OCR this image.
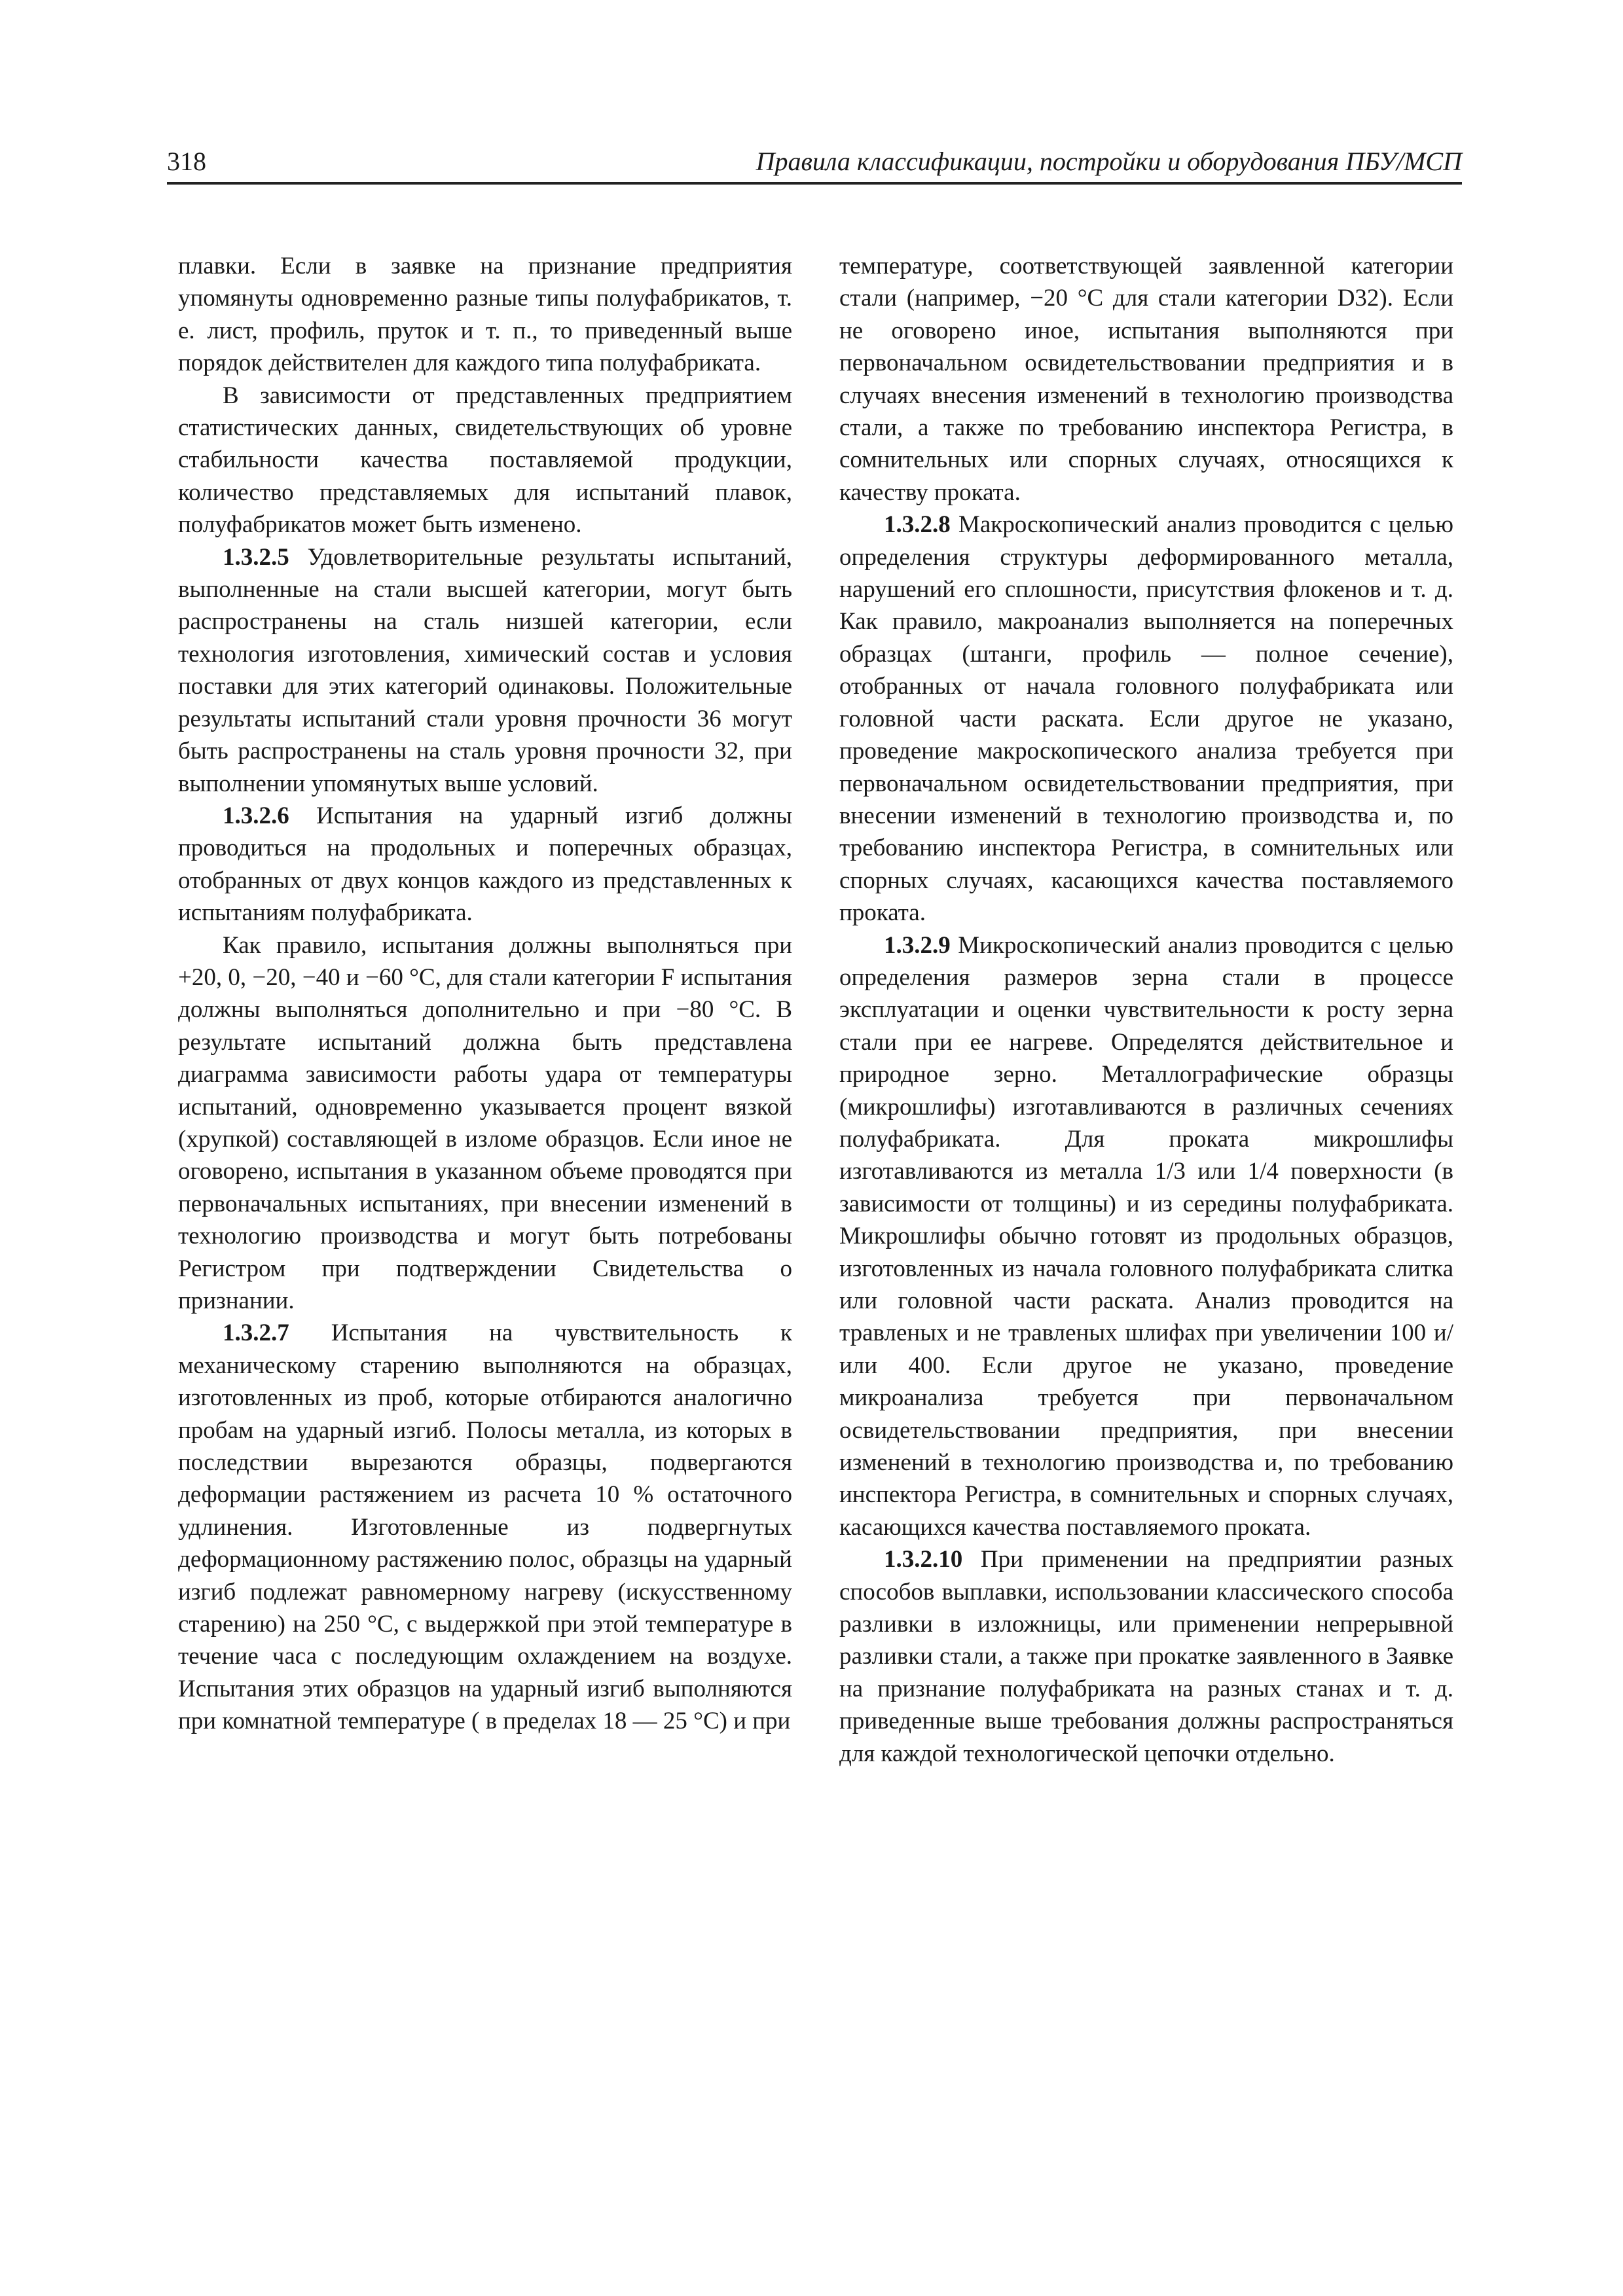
318	Правила классификации, постройки и оборудования ПБУ/МСП

плавки. Если в заявке на признание предприятия упомянуты одновременно разные типы полуфабрикатов, т. е. лист, профиль, пруток и т. п., то приведенный выше порядок действителен для каждого типа полуфабриката.

В зависимости от представленных предприятием статистических данных, свидетельствующих об уровне стабильности качества поставляемой продукции, количество представляемых для испытаний плавок, полуфабрикатов может быть изменено.

1.3.2.5 Удовлетворительные результаты испытаний, выполненные на стали высшей категории, могут быть распространены на сталь низшей категории, если технология изготовления, химический состав и условия поставки для этих категорий одинаковы. Положительные результаты испытаний стали уровня прочности 36 могут быть распространены на сталь уровня прочности 32, при выполнении упомянутых выше условий.

1.3.2.6 Испытания на ударный изгиб должны проводиться на продольных и поперечных образцах, отобранных от двух концов каждого из представленных к испытаниям полуфабриката.

Как правило, испытания должны выполняться при +20, 0, −20, −40 и −60 °C, для стали категории F испытания должны выполняться дополнительно и при −80 °C. В результате испытаний должна быть представлена диаграмма зависимости работы удара от температуры испытаний, одновременно указывается процент вязкой (хрупкой) составляющей в изломе образцов. Если иное не оговорено, испытания в указанном объеме проводятся при первоначальных испытаниях, при внесении изменений в технологию производства и могут быть потребованы Регистром при подтверждении Свидетельства о признании.

1.3.2.7 Испытания на чувствительность к механическому старению выполняются на образцах, изготовленных из проб, которые отбираются аналогично пробам на ударный изгиб. Полосы металла, из которых в последствии вырезаются образцы, подвергаются деформации растяжением из расчета 10 % остаточного удлинения. Изготовленные из подвергнутых деформационному растяжению полос, образцы на ударный изгиб подлежат равномерному нагреву (искусственному старению) на 250 °C, с выдержкой при этой температуре в течение часа с последующим охлаждением на воздухе. Испытания этих образцов на ударный изгиб выполняются при комнатной температуре ( в пределах 18 — 25 °C) и при

температуре, соответствующей заявленной категории стали (например, −20 °C для стали категории D32). Если не оговорено иное, испытания выполняются при первоначальном освидетельствовании предприятия и в случаях внесения изменений в технологию производства стали, а также по требованию инспектора Регистра, в сомнительных или спорных случаях, относящихся к качеству проката.

1.3.2.8 Макроскопический анализ проводится с целью определения структуры деформированного металла, нарушений его сплошности, присутствия флокенов и т. д. Как правило, макроанализ выполняется на поперечных образцах (штанги, профиль — полное сечение), отобранных от начала головного полуфабриката или головной части раската. Если другое не указано, проведение макроскопического анализа требуется при первоначальном освидетельствовании предприятия, при внесении изменений в технологию производства и, по требованию инспектора Регистра, в сомнительных или спорных случаях, касающихся качества поставляемого проката.

1.3.2.9 Микроскопический анализ проводится с целью определения размеров зерна стали в процессе эксплуатации и оценки чувствительности к росту зерна стали при ее нагреве. Определятся действительное и природное зерно. Металлографические образцы (микрошлифы) изготавливаются в различных сечениях полуфабриката. Для проката микрошлифы изготавливаются из металла 1/3 или 1/4 поверхности (в зависимости от толщины) и из середины полуфабриката. Микрошлифы обычно готовят из продольных образцов, изготовленных из начала головного полуфабриката слитка или головной части раската. Анализ проводится на травленых и не травленых шлифах при увеличении 100 и/или 400. Если другое не указано, проведение микроанализа требуется при первоначальном освидетельствовании предприятия, при внесении изменений в технологию производства и, по требованию инспектора Регистра, в сомнительных и спорных случаях, касающихся качества поставляемого проката.

1.3.2.10 При применении на предприятии разных способов выплавки, использовании классического способа разливки в изложницы, или применении непрерывной разливки стали, а также при прокатке заявленного в Заявке на признание полуфабриката на разных станах и т. д. приведенные выше требования должны распространяться для каждой технологической цепочки отдельно.
